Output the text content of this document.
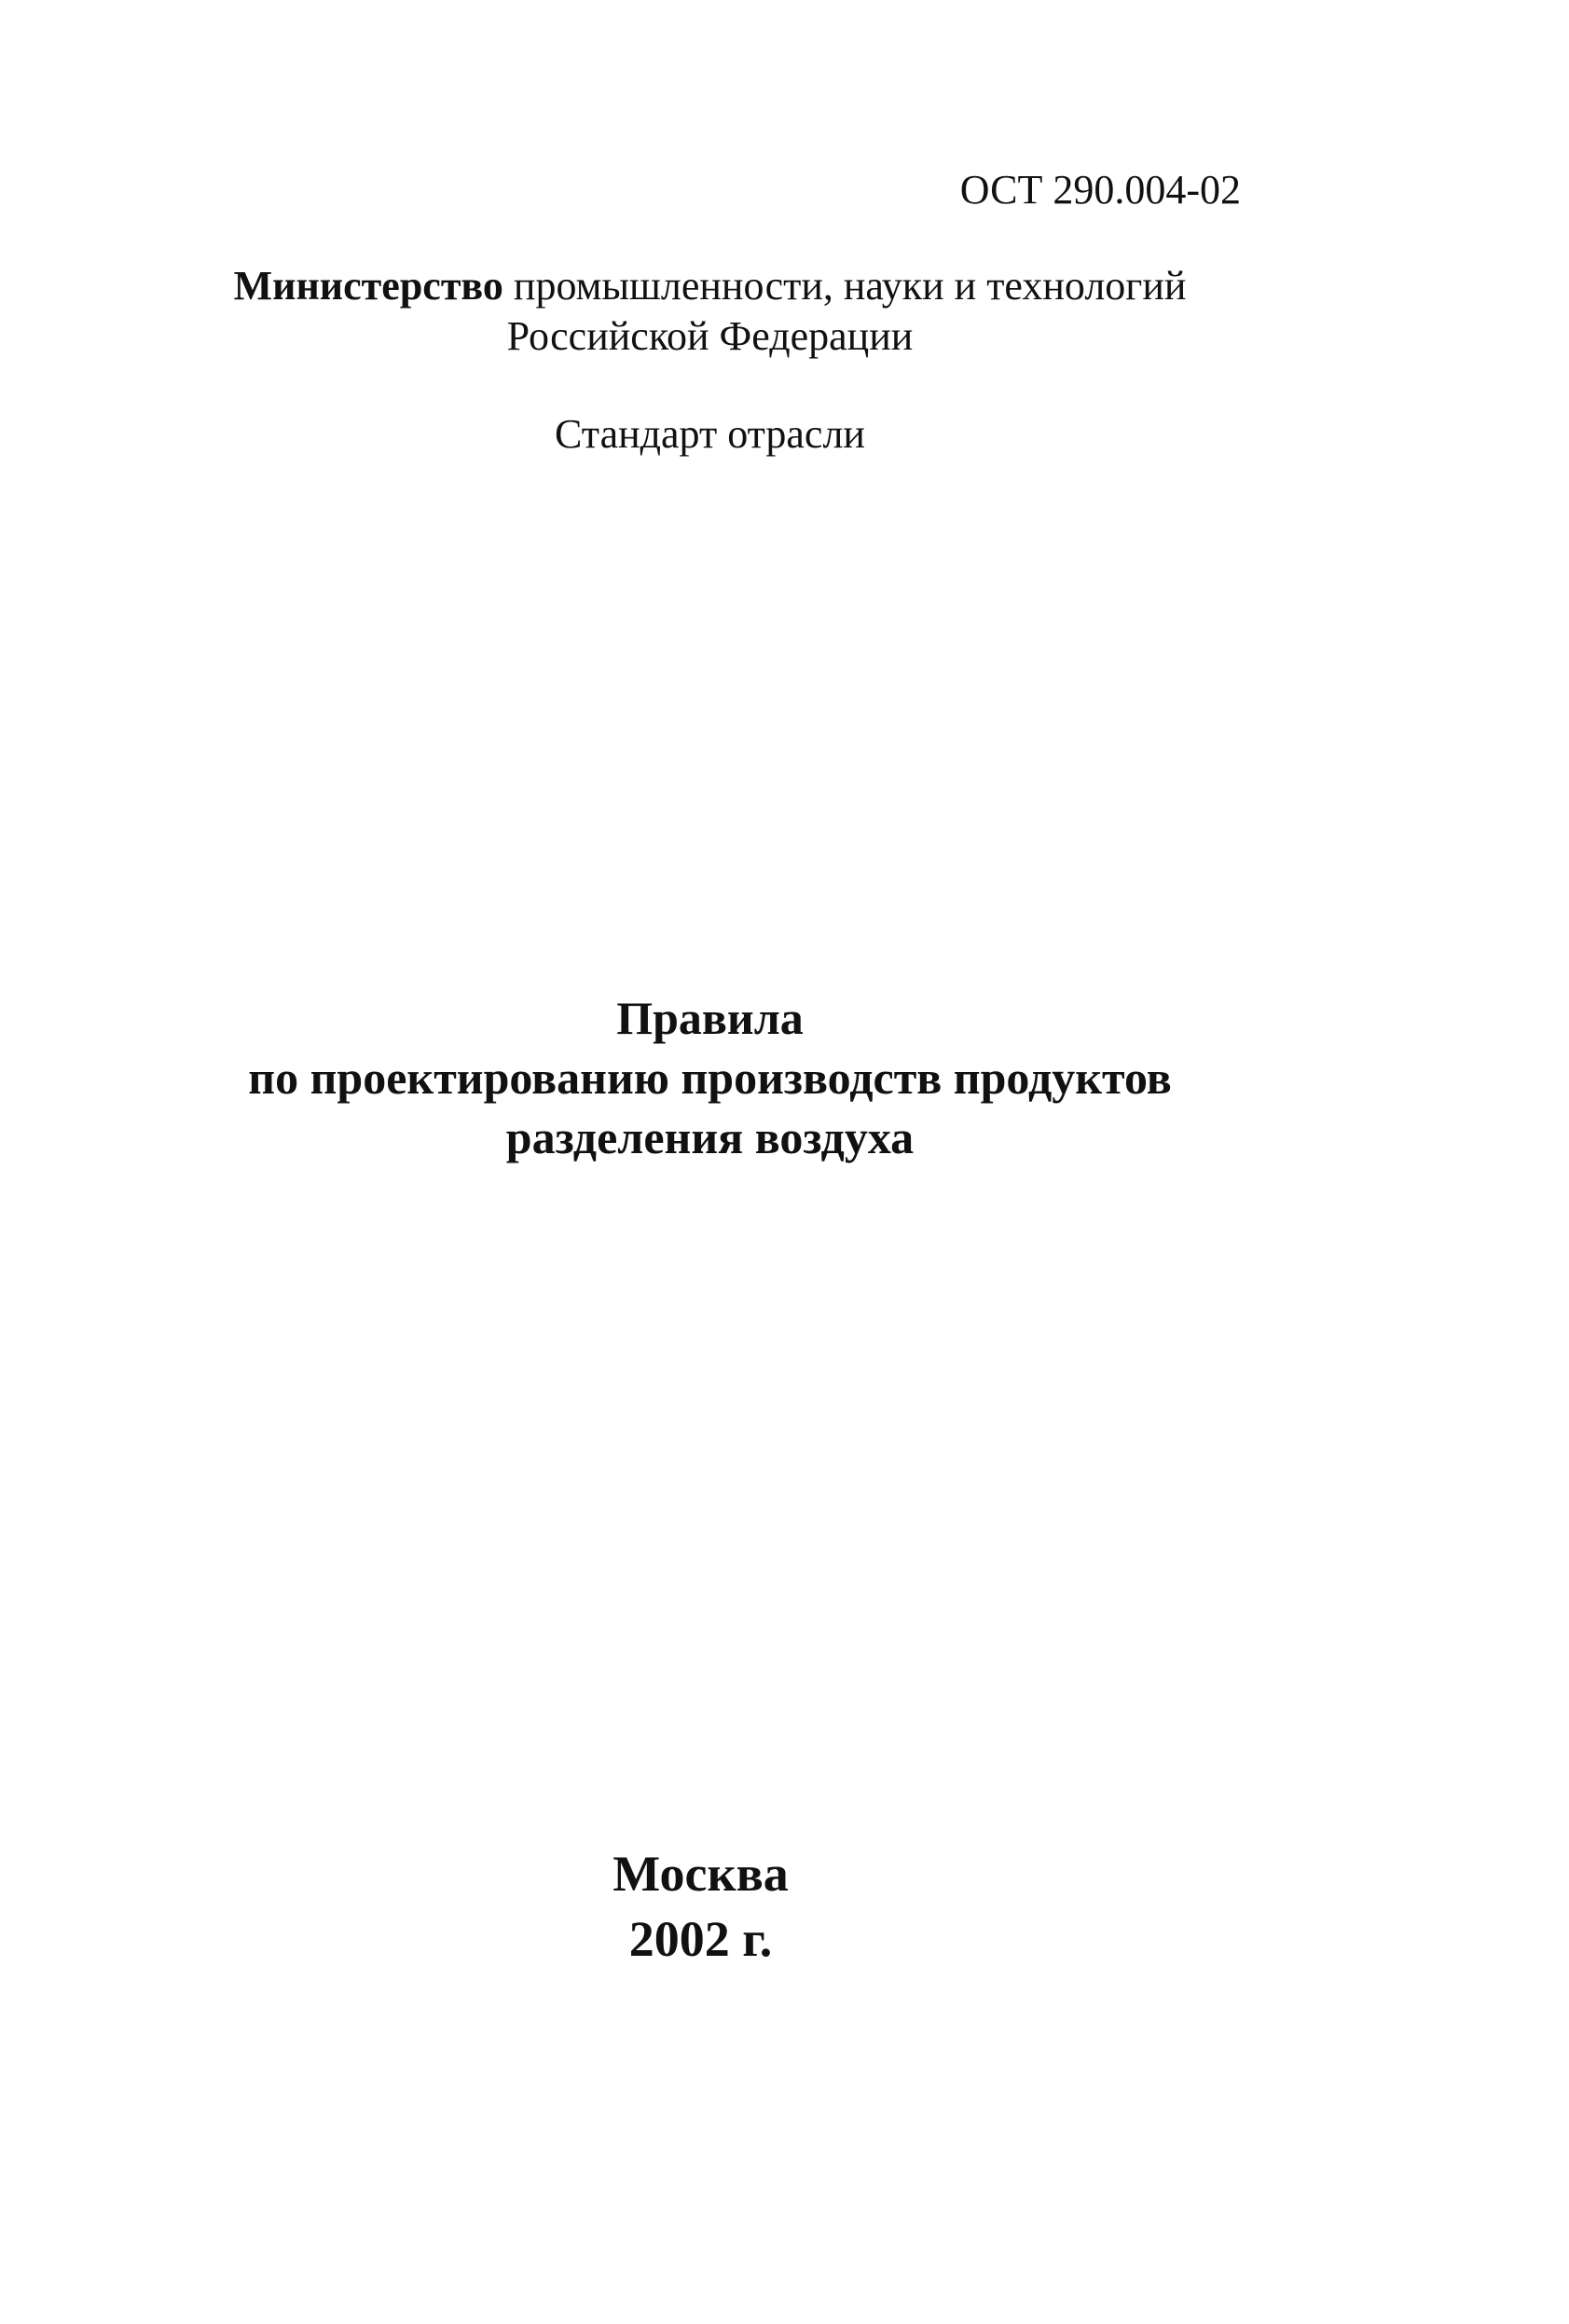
ОСТ 290.004-02
Министерство промышленности, науки и технологий
Российской Федерации
Стандарт отрасли
Правила
по проектированию производств продуктов
разделения воздуха
Москва
2002 г.
